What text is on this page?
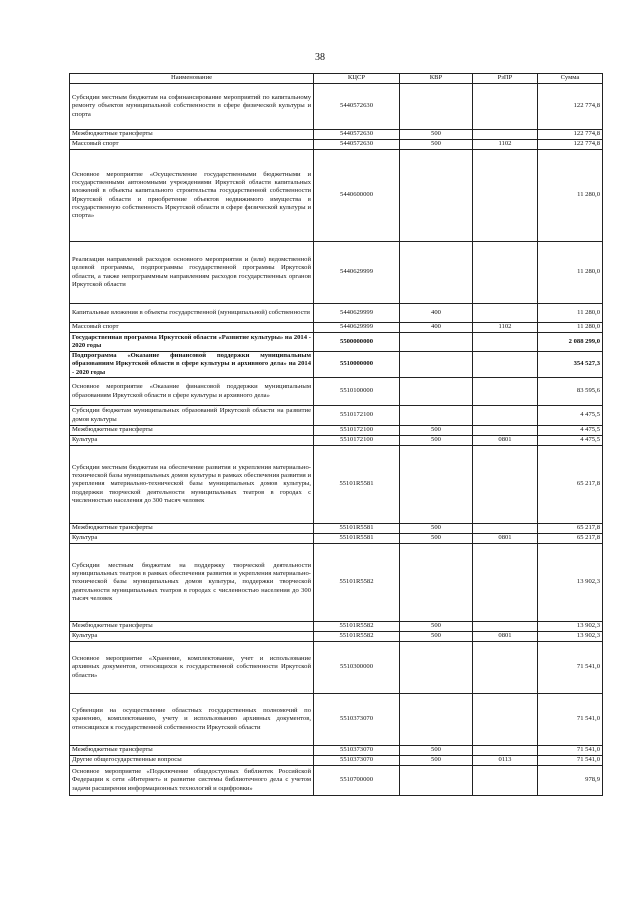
38
Наименование	КЦСР	КВР	РзПР	Сумма
Субсидии местным бюджетам на софинансирование мероприятий по капитальному ремонту объектов муниципальной собственности в сфере физической культуры и спорта	5440572630			122 774,8
Межбюджетные трансферты	5440572630	500		122 774,8
Массовый спорт	5440572630	500	1102	122 774,8
Основное мероприятие «Осуществление государственными бюджетными и государственными автономными учреждениями Иркутской области капитальных вложений в объекты капитального строительства государственной собственности Иркутской области и приобретение объектов недвижимого имущества в государственную собственность Иркутской области в сфере физической культуры и спорта»	5440600000			11 280,0
Реализация направлений расходов основного мероприятия и (или) ведомственной целевой программы, подпрограммы государственной программы Иркутской области, а также непрограммным направлениям расходов государственных органов Иркутской области	5440629999			11 280,0
Капитальные вложения в объекты государственной (муниципальной) собственности	5440629999	400		11 280,0
Массовый спорт	5440629999	400	1102	11 280,0
Государственная программа Иркутской области «Развитие культуры» на 2014 - 2020 годы	5500000000			2 088 299,0
Подпрограмма «Оказание финансовой поддержки муниципальным образованиям Иркутской области в сфере культуры и архивного дела» на 2014 - 2020 годы	5510000000			354 527,3
Основное мероприятие «Оказание финансовой поддержки муниципальным образованиям Иркутской области в сфере культуры и архивного дела»	5510100000			83 595,6
Субсидии бюджетам муниципальных образований Иркутской области на развитие домов культуры	5510172100			4 475,5
Межбюджетные трансферты	5510172100	500		4 475,5
Культура	5510172100	500	0801	4 475,5
Субсидии местным бюджетам на обеспечение развития и укрепления материально-технической базы муниципальных домов культуры в рамках обеспечения развития и укрепления материально-технической базы муниципальных домов культуры, поддержки творческой деятельности муниципальных театров в городах с численностью населения до 300 тысяч человек	55101R5581			65 217,8
Межбюджетные трансферты	55101R5581	500		65 217,8
Культура	55101R5581	500	0801	65 217,8
Субсидии местным бюджетам на поддержку творческой деятельности муниципальных театров в рамках обеспечения развития и укрепления материально-технической базы муниципальных домов культуры, поддержки творческой деятельности муниципальных театров в городах с численностью населения до 300 тысяч человек	55101R5582			13 902,3
Межбюджетные трансферты	55101R5582	500		13 902,3
Культура	55101R5582	500	0801	13 902,3
Основное мероприятие «Хранение, комплектование, учет и использование архивных документов, относящихся к государственной собственности Иркутской области»	5510300000			71 541,0
Субвенции на осуществление областных государственных полномочий по хранению, комплектованию, учету и использованию архивных документов, относящихся к государственной собственности Иркутской области	5510373070			71 541,0
Межбюджетные трансферты	5510373070	500		71 541,0
Другие общегосударственные вопросы	5510373070	500	0113	71 541,0
Основное мероприятие «Подключение общедоступных библиотек Российской Федерации к сети «Интернет» и развитие системы библиотечного дела с учетом задачи расширения информационных технологий и оцифровки»	5510700000			978,9
